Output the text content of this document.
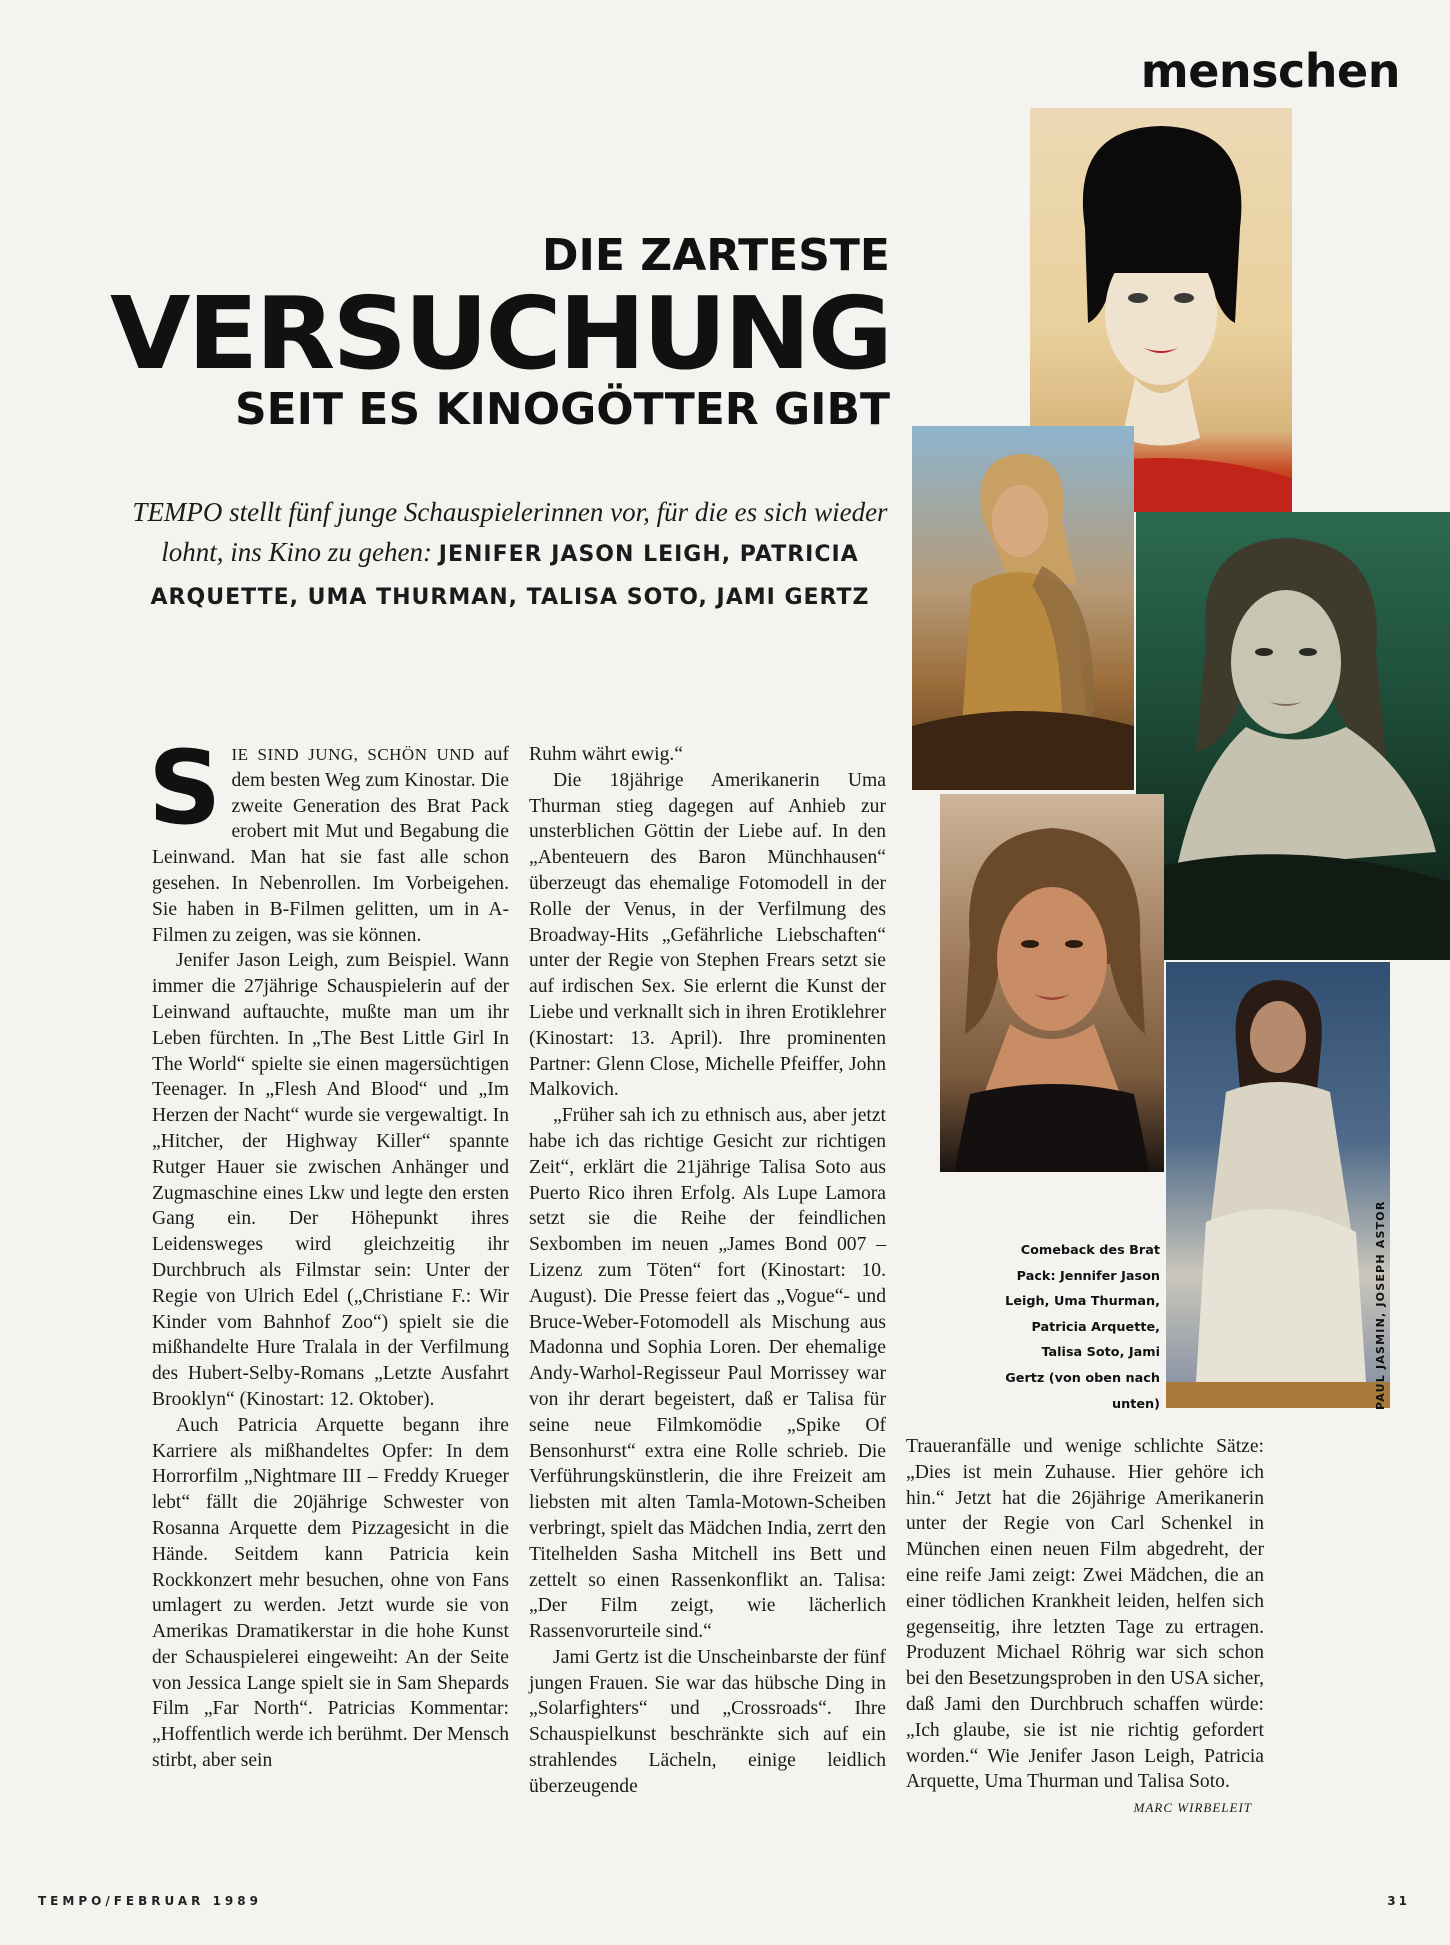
menschen
DIE ZARTESTE
VERSUCHUNG
SEIT ES KINOGÖTTER GIBT
TEMPO stellt fünf junge Schauspielerinnen vor, für die es sich wieder lohnt, ins Kino zu gehen: JENIFER JASON LEIGH, PATRICIA ARQUETTE, UMA THURMAN, TALISA SOTO, JAMI GERTZ

SIE SIND JUNG, SCHÖN UND auf dem besten Weg zum Kinostar. Die zweite Generation des Brat Pack erobert mit Mut und Begabung die Leinwand. Man hat sie fast alle schon gesehen. In Nebenrollen. Im Vorbeigehen. Sie haben in B-Filmen gelitten, um in A-Filmen zu zeigen, was sie können.

Jenifer Jason Leigh, zum Beispiel. Wann immer die 27jährige Schauspielerin auf der Leinwand auftauchte, mußte man um ihr Leben fürchten. In „The Best Little Girl In The World“ spielte sie einen magersüchtigen Teenager. In „Flesh And Blood“ und „Im Herzen der Nacht“ wurde sie vergewaltigt. In „Hitcher, der Highway Killer“ spannte Rutger Hauer sie zwischen Anhänger und Zugmaschine eines Lkw und legte den ersten Gang ein. Der Höhepunkt ihres Leidensweges wird gleichzeitig ihr Durchbruch als Filmstar sein: Unter der Regie von Ulrich Edel („Christiane F.: Wir Kinder vom Bahnhof Zoo“) spielt sie die mißhandelte Hure Tralala in der Verfilmung des Hubert-Selby-Romans „Letzte Ausfahrt Brooklyn“ (Kinostart: 12. Oktober).

Auch Patricia Arquette begann ihre Karriere als mißhandeltes Opfer: In dem Horrorfilm „Nightmare III – Freddy Krueger lebt“ fällt die 20jährige Schwester von Rosanna Arquette dem Pizzagesicht in die Hände. Seitdem kann Patricia kein Rockkonzert mehr besuchen, ohne von Fans umlagert zu werden. Jetzt wurde sie von Amerikas Dramatikerstar in die hohe Kunst der Schauspielerei eingeweiht: An der Seite von Jessica Lange spielt sie in Sam Shepards Film „Far North“. Patricias Kommentar: „Hoffentlich werde ich berühmt. Der Mensch stirbt, aber sein

Ruhm währt ewig.“

Die 18jährige Amerikanerin Uma Thurman stieg dagegen auf Anhieb zur unsterblichen Göttin der Liebe auf. In den „Abenteuern des Baron Münchhausen“ überzeugt das ehemalige Fotomodell in der Rolle der Venus, in der Verfilmung des Broadway-Hits „Gefährliche Liebschaften“ unter der Regie von Stephen Frears setzt sie auf irdischen Sex. Sie erlernt die Kunst der Liebe und verknallt sich in ihren Erotiklehrer (Kinostart: 13. April). Ihre prominenten Partner: Glenn Close, Michelle Pfeiffer, John Malkovich.

„Früher sah ich zu ethnisch aus, aber jetzt habe ich das richtige Gesicht zur richtigen Zeit“, erklärt die 21jährige Talisa Soto aus Puerto Rico ihren Erfolg. Als Lupe Lamora setzt sie die Reihe der feindlichen Sexbomben im neuen „James Bond 007 – Lizenz zum Töten“ fort (Kinostart: 10. August). Die Presse feiert das „Vogue“- und Bruce-Weber-Fotomodell als Mischung aus Madonna und Sophia Loren. Der ehemalige Andy-Warhol-Regisseur Paul Morrissey war von ihr derart begeistert, daß er Talisa für seine neue Filmkomödie „Spike Of Bensonhurst“ extra eine Rolle schrieb. Die Verführungskünstlerin, die ihre Freizeit am liebsten mit alten Tamla-Motown-Scheiben verbringt, spielt das Mädchen India, zerrt den Titelhelden Sasha Mitchell ins Bett und zettelt so einen Rassenkonflikt an. Talisa: „Der Film zeigt, wie lächerlich Rassenvorurteile sind.“

Jami Gertz ist die Unscheinbarste der fünf jungen Frauen. Sie war das hübsche Ding in „Solarfighters“ und „Crossroads“. Ihre Schauspielkunst beschränkte sich auf ein strahlendes Lächeln, einige leidlich überzeugende

Traueranfälle und wenige schlichte Sätze: „Dies ist mein Zuhause. Hier gehöre ich hin.“ Jetzt hat die 26jährige Amerikanerin unter der Regie von Carl Schenkel in München einen neuen Film abgedreht, der eine reife Jami zeigt: Zwei Mädchen, die an einer tödlichen Krankheit leiden, helfen sich gegenseitig, ihre letzten Tage zu ertragen. Produzent Michael Röhrig war sich schon bei den Besetzungsproben in den USA sicher, daß Jami den Durchbruch schaffen würde: „Ich glaube, sie ist nie richtig gefordert worden.“ Wie Jenifer Jason Leigh, Patricia Arquette, Uma Thurman und Talisa Soto.

MARC WIRBELEIT
Comeback des Brat Pack: Jennifer Jason Leigh, Uma Thurman, Patricia Arquette, Talisa Soto, Jami Gertz (von oben nach unten)	PAUL JASMIN, JOSEPH ASTOR
TEMPO/FEBRUAR 1989	31
